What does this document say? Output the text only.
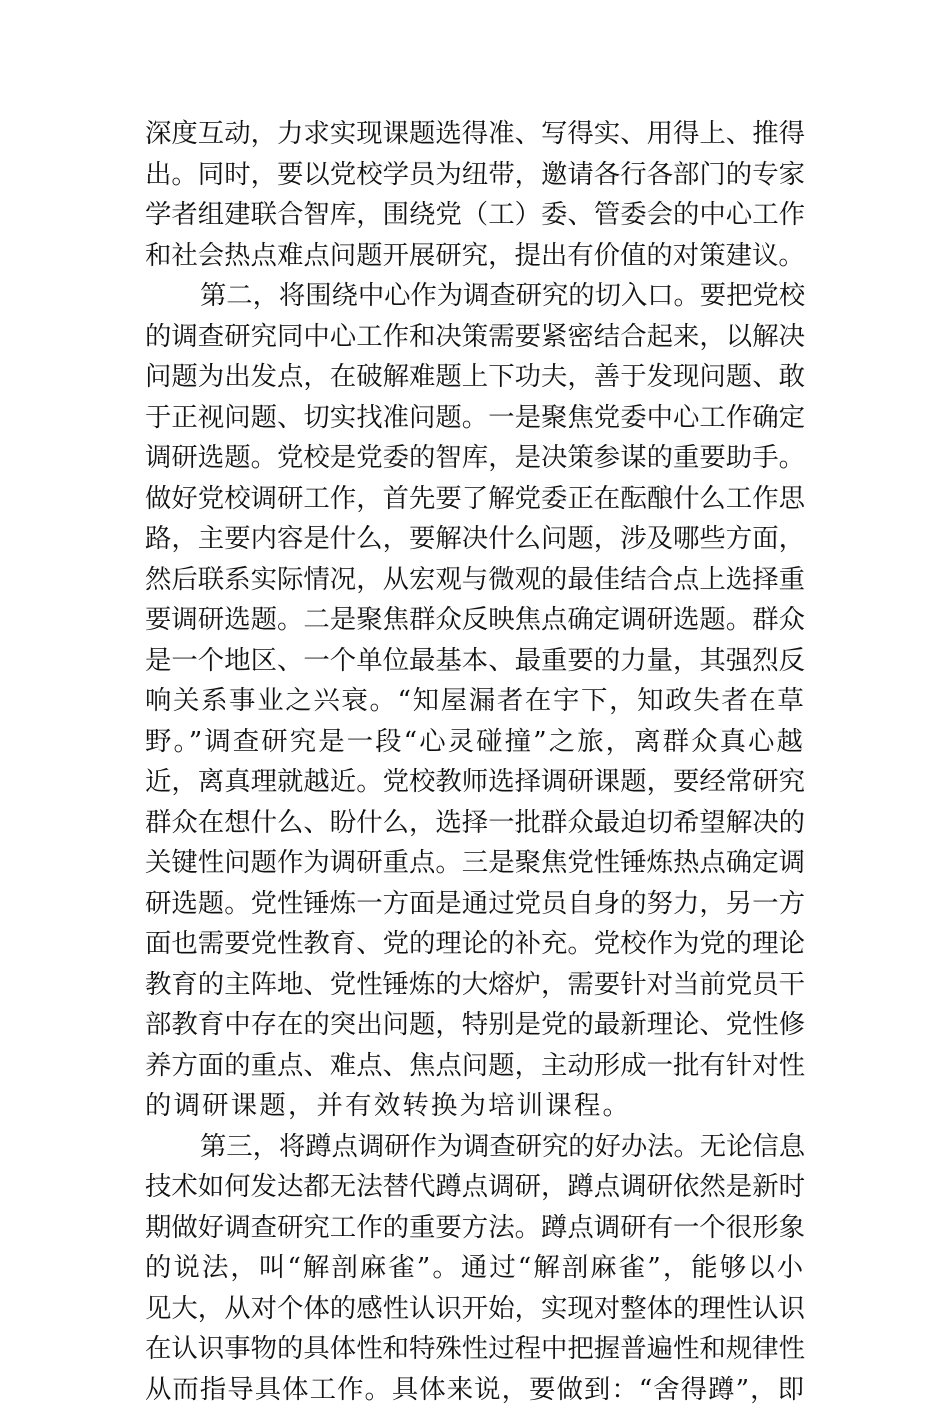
深度互动，力求实现课题选得准、写得实、用得上、推得
出。同时，要以党校学员为纽带，邀请各行各部门的专家
学者组建联合智库，围绕党（工）委、管委会的中心工作
和社会热点难点问题开展研究，提出有价值的对策建议。
第二，将围绕中心作为调查研究的切入口。要把党校
的调查研究同中心工作和决策需要紧密结合起来，以解决
问题为出发点，在破解难题上下功夫，善于发现问题、敢
于正视问题、切实找准问题。一是聚焦党委中心工作确定
调研选题。党校是党委的智库，是决策参谋的重要助手。
做好党校调研工作，首先要了解党委正在酝酿什么工作思
路，主要内容是什么，要解决什么问题，涉及哪些方面，
然后联系实际情况，从宏观与微观的最佳结合点上选择重
要调研选题。二是聚焦群众反映焦点确定调研选题。群众
是一个地区、一个单位最基本、最重要的力量，其强烈反
响关系事业之兴衰。“知屋漏者在宇下，知政失者在草
野。”调查研究是一段“心灵碰撞”之旅，离群众真心越
近，离真理就越近。党校教师选择调研课题，要经常研究
群众在想什么、盼什么，选择一批群众最迫切希望解决的
关键性问题作为调研重点。三是聚焦党性锤炼热点确定调
研选题。党性锤炼一方面是通过党员自身的努力，另一方
面也需要党性教育、党的理论的补充。党校作为党的理论
教育的主阵地、党性锤炼的大熔炉，需要针对当前党员干
部教育中存在的突出问题，特别是党的最新理论、党性修
养方面的重点、难点、焦点问题，主动形成一批有针对性
的调研课题，并有效转换为培训课程。
第三，将蹲点调研作为调查研究的好办法。无论信息
技术如何发达都无法替代蹲点调研，蹲点调研依然是新时
期做好调查研究工作的重要方法。蹲点调研有一个很形象
的说法，叫“解剖麻雀”。通过“解剖麻雀”，能够以小
见大，从对个体的感性认识开始，实现对整体的理性认识
在认识事物的具体性和特殊性过程中把握普遍性和规律性
从而指导具体工作。具体来说，要做到：“舍得蹲”，即
